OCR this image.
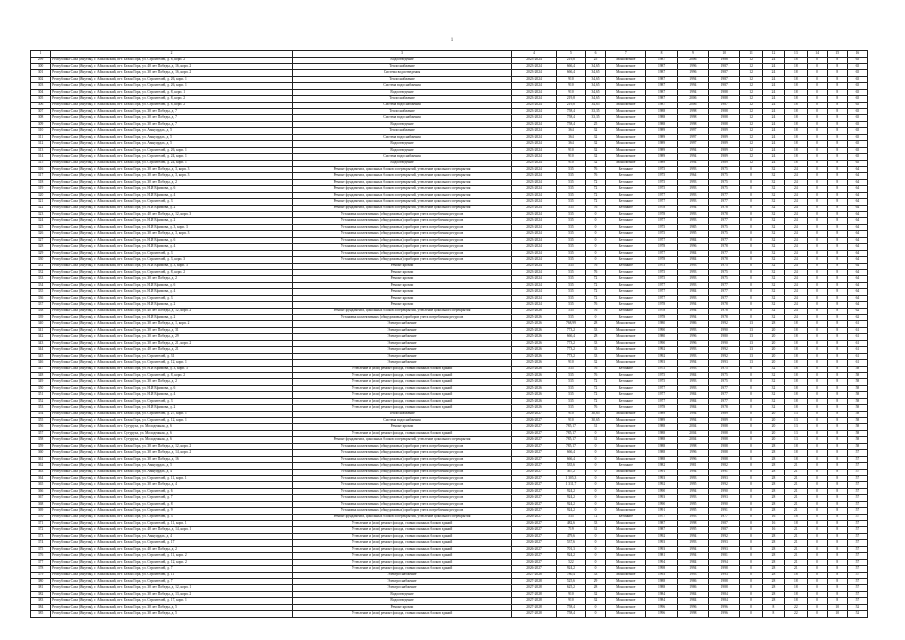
1
1	2	3	4	5	6	7	8	9	10	11	12	13	14	15	16
299	Республика Саха (Якутия), г. Айхальский, пгт. Белая Гора, ул. Строителей, д. 8, корп. 2	Водоотведение	2023-2024	219,8	25	Монолитное	1987	2006	1988	12	24	18	0	8	65
300	Республика Саха (Якутия), г. Айхальский, пгт. Белая Гора, ул. 40 лет Победы, д. 16, корп. 2	Теплоснабжение	2023-2024	666,4	34,65	Монолитное	1987	1996	1987	12	24	18	0	8	65
301	Республика Саха (Якутия), г. Айхальский, пгт. Белая Гора, ул. 30 лет Победы, д. 16, корп. 2	Система водоотведения	2023-2024	666,4	34,65	Монолитное	1987	1996	1987	12	24	18	0	8	65
302	Республика Саха (Якутия), г. Айхальский, пгт. Белая Гора, ул. Строителей, д. 26, корп. 1	Теплоснабжение	2023-2024	910	34,65	Монолитное	1987	1994	1987	12	24	18	0	8	65
303	Республика Саха (Якутия), г. Айхальский, пгт. Белая Гора, ул. Строителей, д. 26, корп. 1	Система водоснабжения	2023-2024	910	34,65	Монолитное	1987	1994	1987	12	24	18	0	8	65
304	Республика Саха (Якутия), г. Айхальский, пгт. Белая Гора, ул. Строителей, д. 8, корп. 1	Водоотведение	2023-2024	910	34,65	Монолитное	1987	1994	1988	12	24	18	0	8	65
305	Республика Саха (Якутия), г. Айхальский, пгт. Белая Гора, ул. Строителей, д. 8, корп. 2	Теплоснабжение	2023-2024	219,8	34,65	Монолитное	1987	2006	1988	12	24	18	0	8	65
306	Республика Саха (Якутия), г. Айхальский, пгт. Белая Гора, ул. Строителей, д. 8, корп. 2	Система водоснабжения	2023-2024	219,8	34,65	Монолитное	1987	2006	1987	12	24	18	0	8	65
307	Республика Саха (Якутия), г. Айхальский, пгт. Белая Гора, ул. 30 лет Победы, д. 7	Теплоснабжение	2023-2024	758,4	33,35	Монолитное	1988	1998	1988	12	24	18	0	8	65
308	Республика Саха (Якутия), г. Айхальский, пгт. Белая Гора, ул. 30 лет Победы, д. 7	Система водоснабжения	2023-2024	758,4	33,35	Монолитное	1988	1998	1988	12	24	18	0	8	65
309	Республика Саха (Якутия), г. Айхальский, пгт. Белая Гора, ул. 30 лет Победы, д. 7	Водоотведение	2023-2024	758,4	25	Монолитное	1988	1998	1988	12	24	18	0	8	65
310	Республика Саха (Якутия), г. Айхальский, пгт. Белая Гора, ул. Амнуордах, д. 5	Теплоснабжение	2023-2024	364	32	Монолитное	1989	1997	1989	12	24	18	0	8	65
311	Республика Саха (Якутия), г. Айхальский, пгт. Белая Гора, ул. Амнуордах, д. 5	Система водоснабжения	2023-2024	364	32	Монолитное	1989	1997	1989	12	24	18	0	8	65
312	Республика Саха (Якутия), г. Айхальский, пгт. Белая Гора, ул. Амнуордах, д. 5	Водоотведение	2023-2024	364	32	Монолитное	1989	1997	1989	12	24	18	0	8	65
313	Республика Саха (Якутия), г. Айхальский, пгт. Белая Гора, ул. Строителей, д. 26, корп. 1	Водоотведение	2023-2024	910	32	Монолитное	1989	1994	1989	12	24	18	0	8	65
314	Республика Саха (Якутия), г. Айхальский, пгт. Белая Гора, ул. Строителей, д. 24, корп. 1	Система водоснабжения	2023-2024	910	32	Монолитное	1989	1994	1989	12	24	18	0	8	65
315	Республика Саха (Якутия), г. Айхальский, пгт. Белая Гора, ул. Строителей, д. 24, корп. 1	Водоотведение	2023-2024	910	32	Монолитное	1989	1994	1989	12	24	18	0	8	65
316	Республика Саха (Якутия), г. Айхальский, пгт. Белая Гора, ул. 30 лет Победы, д. 3, корп. 3	Ремонт фундамента, цокольных блоков и перекрытий, утепление цокольного перекрытия	2023-2024	535	76	Бетонное	1975	1993	1975	0	32	24	0	8	64
317	Республика Саха (Якутия), г. Айхальский, пгт. Белая Гора, ул. 30 лет Победы, д. 3, корп. 3	Ремонт фундамента, цокольных блоков и перекрытий, утепление цокольного перекрытия	2023-2024	535	76	Бетонное	1975	1964	1975	0	32	24	0	8	64
318	Республика Саха (Якутия), г. Айхальский, пгт. Белая Гора, ул. 30 лет Победы, д. 2	Ремонт фундамента, цокольных блоков и перекрытий, утепление цокольного перекрытия	2023-2024	535	72	Бетонное	1975	1993	1975	0	32	24	0	8	64
319	Республика Саха (Якутия), г. Айхальский, пгт. Белая Гора, ул. Н.И Ефимова, д. 6	Ремонт фундамента, цокольных блоков и перекрытий, утепление цокольного перекрытия	2023-2024	535	72	Бетонное	1975	1993	1975	0	32	24	0	8	64
320	Республика Саха (Якутия), г. Айхальский, пгт. Белая Гора, ул. Н.И Ефимова, д. 4	Ремонт фундамента, цокольных блоков и перекрытий, утепление цокольного перекрытия	2023-2024	535	72	Бетонное	1977	1993	1977	0	32	24	0	8	64
321	Республика Саха (Якутия), г. Айхальский, пгт. Белая Гора, ул. Строителей, д. 3	Ремонт фундамента, цокольных блоков и перекрытий, утепление цокольного перекрытия	2023-2024	535	72	Бетонное	1977	1993	1977	0	32	24	0	8	64
322	Республика Саха (Якутия), г. Айхальский, пгт. Белая Гора, ул. Н.И Ефимова, д. 2	Ремонт фундамента, цокольных блоков и перекрытий, утепление цокольного перекрытия	2023-2024	535	76	Бетонное	1978	1994	1978	0	32	24	0	8	64
323	Республика Саха (Якутия), г. Айхальский, пгт. Белая Гора, ул. 40 лет Победы, д. 12, корп. 3	Установка коллективных (общедомовых) приборов учета потребления ресурсов	2023-2024	535	0	Бетонное	1978	1993	1978	0	32	24	0	8	64
324	Республика Саха (Якутия), г. Айхальский, пгт. Белая Гора, ул. Н.И Ефимова, д. 2	Установка коллективных (общедомовых) приборов учета потребления ресурсов	2023-2024	535	0	Бетонное	1977	1993	1977	0	32	24	0	8	64
325	Республика Саха (Якутия), г. Айхальский, пгт. Белая Гора, ул. Н.И Ефимова, д. 3, корп. 3	Установка коллективных (общедомовых) приборов учета потребления ресурсов	2023-2024	535	0	Бетонное	1975	1985	1975	0	32	24	0	8	64
326	Республика Саха (Якутия), г. Айхальский, пгт. Белая Гора, ул. 30 лет Победы, д. 3, корп. 3	Установка коллективных (общедомовых) приборов учета потребления ресурсов	2023-2024	535	0	Бетонное	1975	1995	1975	0	32	24	0	8	64
327	Республика Саха (Якутия), г. Айхальский, пгт. Белая Гора, ул. Н.И Ефимова, д. 6	Установка коллективных (общедомовых) приборов учета потребления ресурсов	2023-2024	535	0	Бетонное	1977	1984	1977	0	32	24	0	8	64
328	Республика Саха (Якутия), г. Айхальский, пгт. Белая Гора, ул. Н.И Ефимова, д. 4	Установка коллективных (общедомовых) приборов учета потребления ресурсов	2023-2024	535	0	Бетонное	1978	1996	1978	0	32	24	0	8	64
329	Республика Саха (Якутия), г. Айхальский, пгт. Белая Гора, ул. Строителей, д. 3	Установка коллективных (общедомовых) приборов учета потребления ресурсов	2023-2024	535	0	Бетонное	1977	1984	1977	0	32	24	0	8	64
330	Республика Саха (Якутия), г. Айхальский, пгт. Белая Гора, ул. Строителей, д. 3, корп. 3	Установка коллективных (общедомовых) приборов учета потребления ресурсов	2023-2024	535	0	Бетонное	1978	1984	1978	0	32	24	0	8	64
331	Республика Саха (Якутия), г. Айхальский, пгт. Белая Гора, ул. Н.И Ефимова, д. 3, корп. 3	Ремонт кровли	2023-2024	535	76	Бетонное	1975	1993	1975	0	32	24	0	8	64
332	Республика Саха (Якутия), г. Айхальский, пгт. Белая Гора, ул. Строителей, д. 8, корп. 2	Ремонт кровли	2023-2024	535	76	Бетонное	1975	1993	1975	0	32	24	0	8	64
333	Республика Саха (Якутия), г. Айхальский, пгт. Белая Гора, ул. 30 лет Победы, д. 2	Ремонт кровли	2023-2024	535	72	Бетонное	1975	1993	1975	0	32	24	0	8	64
334	Республика Саха (Якутия), г. Айхальский, пгт. Белая Гора, ул. Н.И Ефимова, д. 6	Ремонт кровли	2023-2024	535	72	Бетонное	1977	1993	1977	0	32	24	0	8	64
335	Республика Саха (Якутия), г. Айхальский, пгт. Белая Гора, ул. Н.И Ефимова, д. 4	Ремонт кровли	2023-2024	535	72	Бетонное	1977	1984	1977	0	32	24	0	8	64
336	Республика Саха (Якутия), г. Айхальский, пгт. Белая Гора, ул. Строителей, д. 3	Ремонт кровли	2023-2024	535	72	Бетонное	1977	1993	1977	0	32	24	0	8	64
337	Республика Саха (Якутия), г. Айхальский, пгт. Белая Гора, ул. Н.И Ефимова, д. 2	Ремонт кровли	2023-2024	535	76	Бетонное	1978	1994	1978	0	32	24	0	8	64
338	Республика Саха (Якутия), г. Айхальский, пгт. Белая Гора, ул. 40 лет Победы, д. 12, корп. 2	Ремонт фундамента, цокольных блоков и перекрытий, утепление цокольного перекрытия	2025-2026	535	76	Бетонное	1978	1994	1978	0	32	24	0	8	62
339	Республика Саха (Якутия), г. Айхальский, пгт. Белая Гора, ул. Н.И Ефимова, д. 2	Установка коллективных (общедомовых) приборов учета потребления ресурсов	2025-2026	535	0	Бетонное	1978	1994	1978	0	32	24	0	8	62
340	Республика Саха (Якутия), г. Айхальский, пгт. Белая Гора, ул. 30 лет Победы, д. 1, корп. 2	Электроснабжение	2025-2026	768,99	28	Монолитное	1980	1986	1992	13	28	18	0	8	61
341	Республика Саха (Якутия), г. Айхальский, пгт. Белая Гора, ул. 30 лет Победы, д. 31	Электроснабжение	2025-2026	773,2	33	Монолитное	1990	1993	1990	13	20	18	0	8	61
342	Республика Саха (Якутия), г. Айхальский, пгт. Белая Гора, ул. 30 лет Победы, д. 29	Электроснабжение	2025-2026	666,4	28	Монолитное	1980	1996	1980	13	20	18	0	8	61
343	Республика Саха (Якутия), г. Айхальский, пгт. Белая Гора, ул. 30 лет Победы, д. 21, корп. 2	Электроснабжение	2025-2026	773,2	33	Монолитное	1990	1996	1990	13	20	18	0	8	61
344	Республика Саха (Якутия), г. Айхальский, пгт. Белая Гора, ул. 40 лет Победы, д. 21	Электроснабжение	2025-2026	773,2	33	Монолитное	1992	1993	1992	13	20	18	0	8	61
345	Республика Саха (Якутия), г. Айхальский, пгт. Белая Гора, ул. Строителей, д. 31	Электроснабжение	2025-2026	773,2	33	Монолитное	1992	1993	1992	13	20	18	0	8	61
346	Республика Саха (Якутия), г. Айхальский, пгт. Белая Гора, ул. Строителей, д. 12, корп. 1	Электроснабжение	2025-2026	910	32	Монолитное	1993	1994	1993	13	20	18	0	8	61
347	Республика Саха (Якутия), г. Айхальский, пгт. Белая Гора, ул. Н.И Ефимова, д. 3, корп. 3	Утепление и (или) ремонт фасада, ставни оконных блоков зданий	2025-2026	535	76	Бетонное	1975	1993	1975	0	32	18	0	8	58
348	Республика Саха (Якутия), г. Айхальский, пгт. Белая Гора, ул. Строителей, д. 8, корп. 2	Утепление и (или) ремонт фасада, ставни оконных блоков зданий	2025-2026	535	76	Бетонное	1975	1984	1975	0	32	18	0	8	58
349	Республика Саха (Якутия), г. Айхальский, пгт. Белая Гора, ул. 30 лет Победы, д. 2	Утепление и (или) ремонт фасада, ставни оконных блоков зданий	2025-2026	535	72	Бетонное	1975	1993	1975	0	32	18	0	8	58
350	Республика Саха (Якутия), г. Айхальский, пгт. Белая Гора, ул. Н.И Ефимова, д. 6	Утепление и (или) ремонт фасада, ставни оконных блоков зданий	2025-2026	535	72	Бетонное	1977	1993	1977	0	32	18	0	8	58
351	Республика Саха (Якутия), г. Айхальский, пгт. Белая Гора, ул. Н.И Ефимова, д. 4	Утепление и (или) ремонт фасада, ставни оконных блоков зданий	2025-2026	535	72	Бетонное	1977	1984	1977	0	32	18	0	8	58
352	Республика Саха (Якутия), г. Айхальский, пгт. Белая Гора, ул. Строителей, д. 3	Утепление и (или) ремонт фасада, ставни оконных блоков зданий	2025-2026	535	72	Бетонное	1977	1984	1977	0	32	18	0	8	58
353	Республика Саха (Якутия), г. Айхальский, пгт. Белая Гора, ул. Н.И Ефимова, д. 2	Утепление и (или) ремонт фасада, ставни оконных блоков зданий	2025-2026	535	76	Бетонное	1978	1984	1978	0	32	18	0	8	58
354	Республика Саха (Якутия), г. Айхальский, пгт. Белая Гора, ул. Строителей, д. 27, корп. 1	Теплоснабжение	2026-2027	910	30,65	Монолитное	1989	1994	1989	0	20	13	0	8	58
355	Республика Саха (Якутия), г. Айхальский, пгт. Белая Гора, ул. Строителей, д. 12, корп. 1	Система водоснабжения	2026-2027	910	30,65	Монолитное	1989	1994	1989	0	20	13	0	8	58
356	Республика Саха (Якутия), г. Айхальский, пгт. Сутуруха, ул. Молодежная, д. 6	Ремонт кровли	2026-2027	785,17	31	Монолитное	1988	2004	1988	0	20	13	0	8	58
357	Республика Саха (Якутия), г. Айхальский, пгт. Сутуруха, ул. Молодежная, д. 6	Утепление и (или) ремонт фасада, ставни оконных блоков зданий	2026-2027	785,17	0	Монолитное	1988	2004	1988	0	20	13	0	8	58
358	Республика Саха (Якутия), г. Айхальский, пгт. Сутуруха, ул. Молодежная, д. 6	Ремонт фундамента, цокольных блоков и перекрытий, утепление цокольного перекрытия	2026-2027	785,17	31	Монолитное	1988	2004	1988	0	20	13	0	8	58
359	Республика Саха (Якутия), г. Айхальский, пгт. Белая Гора, ул. 30 лет Победы, д. 12, корп. 2	Установка коллективных (общедомовых) приборов учета потребления ресурсов	2026-2027	785,17	0	Монолитное	1988	1998	1988	0	28	18	0	8	58
360	Республика Саха (Якутия), г. Айхальский, пгт. Белая Гора, ул. 30 лет Победы, д. 14, корп. 2	Установка коллективных (общедомовых) приборов учета потребления ресурсов	2026-2027	666,4	0	Монолитное	1988	1996	1988	0	28	18	0	8	57
361	Республика Саха (Якутия), г. Айхальский, пгт. Белая Гора, ул. 30 лет Победы, д. 16	Установка коллективных (общедомовых) приборов учета потребления ресурсов	2026-2027	666,4	0	Монолитное	1988	1996	1988	0	28	18	0	8	57
362	Республика Саха (Якутия), г. Айхальский, пгт. Белая Гора, ул. Амнуордах, д. 5	Установка коллективных (общедомовых) приборов учета потребления ресурсов	2026-2027	535,6	0	Бетонное	1982	1981	1982	0	28	21	0	8	57
363	Республика Саха (Якутия), г. Айхальский, пгт. Белая Гора, ул. Амнуордах, д. 4	Установка коллективных (общедомовых) приборов учета потребления ресурсов	2026-2027	367,2	0	Монолитное	1991	1994	1991	0	28	21	0	8	57
364	Республика Саха (Якутия), г. Айхальский, пгт. Белая Гора, ул. Строителей, д. 11, корп. 1	Установка коллективных (общедомовых) приборов учета потребления ресурсов	2026-2027	1 305,3	0	Монолитное	1993	1993	1993	0	28	21	0	8	57
365	Республика Саха (Якутия), г. Айхальский, пгт. Белая Гора, ул. 30 лет Победы, д. 4	Установка коллективных (общедомовых) приборов учета потребления ресурсов	2026-2027	1 311,7	0	Монолитное	1992	1995	1992	0	28	21	0	8	57
366	Республика Саха (Якутия), г. Айхальский, пгт. Белая Гора, ул. Строителей, д. 6	Установка коллективных (общедомовых) приборов учета потребления ресурсов	2026-2027	924,2	0	Монолитное	1990	1994	1990	0	28	21	0	8	57
367	Республика Саха (Якутия), г. Айхальский, пгт. Белая Гора, ул. Строителей, д. 7	Установка коллективных (общедомовых) приборов учета потребления ресурсов	2026-2027	924,2	0	Монолитное	1993	1993	1993	0	28	21	0	8	57
368	Республика Саха (Якутия), г. Айхальский, пгт. Белая Гора, ул. Строителей, д. 8	Установка коллективных (общедомовых) приборов учета потребления ресурсов	2026-2027	924,2	0	Монолитное	1990	1995	1990	0	28	21	0	8	57
369	Республика Саха (Якутия), г. Айхальский, пгт. Белая Гора, ул. Строителей, д. 9	Установка коллективных (общедомовых) приборов учета потребления ресурсов	2026-2027	924,2	0	Монолитное	1991	1995	1991	0	28	21	0	8	57
370	Республика Саха (Якутия), г. Айхальский, пгт. Белая Гора, ул. Строителей, д. 3	Ремонт фундамента, цокольных блоков и перекрытий, утепление цокольного перекрытия	2026-2027	535	72	Бетонное	1977	1993	1977	0	16	18	0	8	57
371	Республика Саха (Якутия), г. Айхальский, пгт. Белая Гора, ул. Строителей, д. 11, корп. 1	Утепление и (или) ремонт фасада, ставни оконных блоков зданий	2026-2027	482,6	33	Монолитное	1987	1998	1987	0	16	18	0	8	57
372	Республика Саха (Якутия), г. Айхальский, пгт. Белая Гора, ул. 40 лет Победы, д. 14, корп. 1	Утепление и (или) ремонт фасада, ставни оконных блоков зданий	2026-2027	719	31	Монолитное	1987	1995	1987	0	16	21	0	8	57
373	Республика Саха (Якутия), г. Айхальский, пгт. Белая Гора, ул. Амнуордах, д. 4	Утепление и (или) ремонт фасада, ставни оконных блоков зданий	2026-2027	479,6	0	Монолитное	1992	1994	1992	0	28	21	0	8	57
374	Республика Саха (Якутия), г. Айхальский, пгт. Белая Гора, ул. Строителей, д. 17	Утепление и (или) ремонт фасада, ставни оконных блоков зданий	2026-2027	537,6	0	Монолитное	1993	1993	1993	0	28	21	0	8	57
375	Республика Саха (Якутия), г. Айхальский, пгт. Белая Гора, ул. 40 лет Победы, д. 2	Утепление и (или) ремонт фасада, ставни оконных блоков зданий	2026-2027	701,3	0	Монолитное	1993	1994	1993	0	28	21	0	8	57
376	Республика Саха (Якутия), г. Айхальский, пгт. Белая Гора, ул. Строителей, д. 11, корп. 2	Утепление и (или) ремонт фасада, ставни оконных блоков зданий	2026-2027	924,2	0	Монолитное	1981	1994	1981	0	28	21	0	8	57
377	Республика Саха (Якутия), г. Айхальский, пгт. Белая Гора, ул. Строителей, д. 12, корп. 2	Утепление и (или) ремонт фасада, ставни оконных блоков зданий	2026-2027	522	0	Монолитное	1994	1984	1994	0	28	21	0	8	57
378	Республика Саха (Якутия), г. Айхальский, пгт. Белая Гора, ул. Строителей, д. 7	Утепление и (или) ремонт фасада, ставни оконных блоков зданий	2026-2027	924,2	0	Монолитное	1998	1994	1998	0	28	21	0	8	57
379	Республика Саха (Якутия), г. Айхальский, пгт. Белая Гора, ул. Строителей, д. 11	Электроснабжение	2027-2028	780,4	33	Монолитное	1993	1993	1993	0	28	18	0	8	57
380	Республика Саха (Якутия), г. Айхальский, пгт. Белая Гора, ул. Строителей, д. 7	Электроснабжение	2027-2028	525,6	29	Монолитное	1988	1986	1988	0	28	18	0	8	57
381	Республика Саха (Якутия), г. Айхальский, пгт. Белая Гора, ул. 30 лет Победы, д. 12, корп. 1	Электроснабжение	2027-2028	625,2	28	Монолитное	1988	1986	1988	0	28	18	0	8	57
382	Республика Саха (Якутия), г. Айхальский, пгт. Белая Гора, ул. 30 лет Победы, д. 13, корп. 2	Водоотведение	2027-2028	910	32	Монолитное	1984	1984	1984	0	28	18	0	8	57
383	Республика Саха (Якутия), г. Айхальский, пгт. Белая Гора, ул. Строителей, д. 17, корп. 1	Водоотведение	2027-2028	910	32	Монолитное	1984	1984	1984	0	28	18	0	8	57
384	Республика Саха (Якутия), г. Айхальский, пгт. Белая Гора, ул. 30 лет Победы, д. 5	Ремонт кровли	2027-2028	758,4	0	Монолитное	1996	1996	1996	0	8	22	0	10	52
385	Республика Саха (Якутия), г. Айхальский, пгт. Белая Гора, ул. 30 лет Победы, д. 5	Утепление и (или) ремонт фасада, ставни оконных блоков зданий	2027-2028	758,4	0	Монолитное	1996	1998	1996	0	8	22	0	10	52
